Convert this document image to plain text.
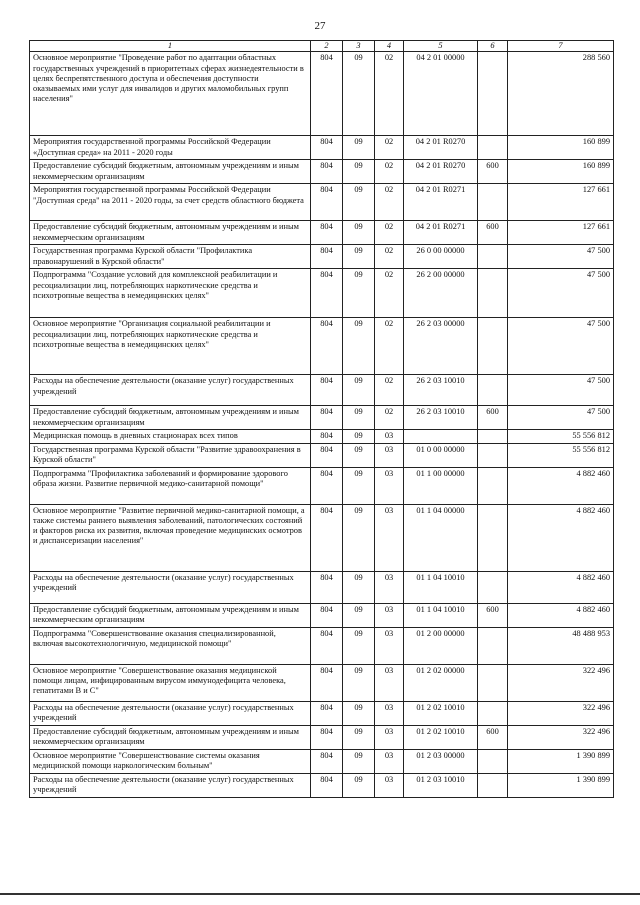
27
1	2	3	4	5	6	7
Основное мероприятие "Проведение работ по адаптации областных государственных учреждений в приоритетных сферах жизнедеятельности в целях беспрепятственного доступа и обеспечения доступности оказываемых ими услуг для инвалидов и других маломобильных групп населения"	804	09	02	04 2 01 00000		288 560
Мероприятия государственной программы Российской Федерации «Доступная среда» на 2011 - 2020 годы	804	09	02	04 2 01 R0270		160 899
Предоставление субсидий бюджетным, автономным учреждениям и иным некоммерческим организациям	804	09	02	04 2 01 R0270	600	160 899
Мероприятия государственной программы Российской Федерации "Доступная среда" на 2011 - 2020 годы, за счет средств областного бюджета	804	09	02	04 2 01 R0271		127 661
Предоставление субсидий бюджетным, автономным учреждениям и иным некоммерческим организациям	804	09	02	04 2 01 R0271	600	127 661
Государственная программа Курской области "Профилактика правонарушений в Курской области"	804	09	02	26 0 00 00000		47 500
Подпрограмма "Создание условий для комплексной реабилитации и ресоциализации лиц, потребляющих наркотические средства и психотропные вещества в немедицинских целях"	804	09	02	26 2 00 00000		47 500
Основное мероприятие "Организация социальной реабилитации и ресоциализации лиц, потребляющих наркотические средства и психотропные вещества в немедицинских целях"	804	09	02	26 2 03 00000		47 500
Расходы на обеспечение деятельности (оказание услуг) государственных учреждений	804	09	02	26 2 03 10010		47 500
Предоставление субсидий бюджетным, автономным учреждениям и иным некоммерческим организациям	804	09	02	26 2 03 10010	600	47 500
Медицинская помощь в дневных стационарах всех типов	804	09	03			55 556 812
Государственная программа Курской области "Развитие здравоохранения в Курской области"	804	09	03	01 0 00 00000		55 556 812
Подпрограмма "Профилактика заболеваний и формирование здорового образа жизни. Развитие первичной медико-санитарной помощи"	804	09	03	01 1 00 00000		4 882 460
Основное мероприятие "Развитие первичной медико-санитарной помощи, а также системы раннего выявления заболеваний, патологических состояний и факторов риска их развития, включая проведение медицинских осмотров и диспансеризации населения"	804	09	03	01 1 04 00000		4 882 460
Расходы на обеспечение деятельности (оказание услуг) государственных учреждений	804	09	03	01 1 04 10010		4 882 460
Предоставление субсидий бюджетным, автономным учреждениям и иным некоммерческим организациям	804	09	03	01 1 04 10010	600	4 882 460
Подпрограмма "Совершенствование оказания специализированной, включая высокотехнологичную, медицинской помощи"	804	09	03	01 2 00 00000		48 488 953
Основное мероприятие "Совершенствование оказания медицинской помощи лицам, инфицированным вирусом иммунодефицита человека, гепатитами В и С"	804	09	03	01 2 02 00000		322 496
Расходы на обеспечение деятельности (оказание услуг) государственных учреждений	804	09	03	01 2 02 10010		322 496
Предоставление субсидий бюджетным, автономным учреждениям и иным некоммерческим организациям	804	09	03	01 2 02 10010	600	322 496
Основное мероприятие "Совершенствование системы оказания медицинской помощи наркологическим больным"	804	09	03	01 2 03 00000		1 390 899
Расходы на обеспечение деятельности (оказание услуг) государственных учреждений	804	09	03	01 2 03 10010		1 390 899
